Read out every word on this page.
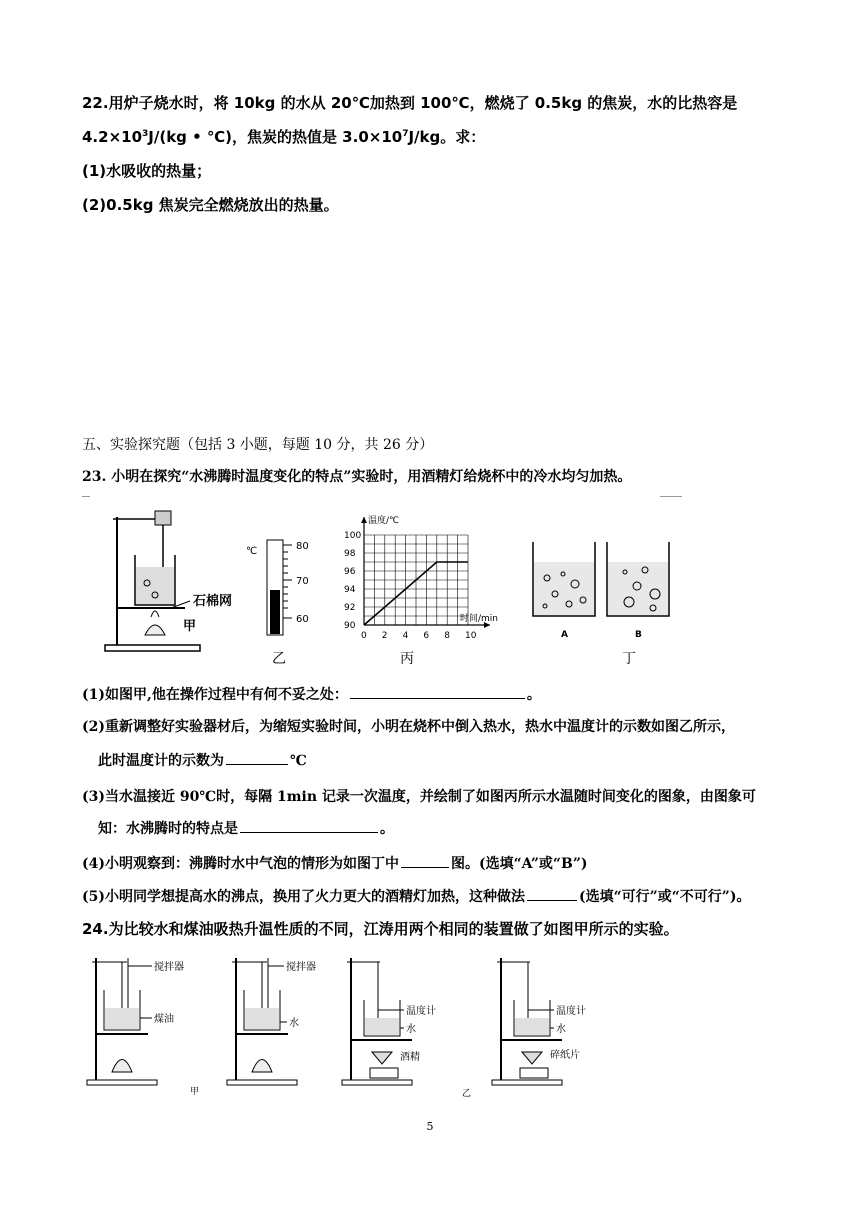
22.用炉子烧水时，将 10kg 的水从 20℃加热到 100℃，燃烧了 0.5kg 的焦炭，水的比热容是
$4.2\times 10^3J/(kg$ • ℃)，焦炭的热值是 $3.0\times 10^7J/kg$。求：
(1)水吸收的热量；
(2)0.5kg 焦炭完全燃烧放出的热量。
五、实验探究题（包括 3 小题，每题 10 分，共 26 分）
23. 小明在探究“水沸腾时温度变化的特点”实验时，用酒精灯给烧杯中的冷水均匀加热。
石棉网
甲
℃	80
70
60
乙
0 2 4 6 8 10
90
92
94
96
98
100
温度/℃
时间/min
丙
A	B
丁
(1)如图甲,他在操作过程中有何不妥之处：	。
(2)重新调整好实验器材后，为缩短实验时间，小明在烧杯中倒入热水，热水中温度计的示数如图乙所示，
此时温度计的示数为	℃
(3)当水温接近 90℃时，每隔 1min 记录一次温度，并绘制了如图丙所示水温随时间变化的图象，由图象可
知：水沸腾时的特点是	。
(4)小明观察到：沸腾时水中气泡的情形为如图丁中	图。(选填“A”或“B”)
(5)小明同学想提高水的沸点，换用了火力更大的酒精灯加热，这种做法	(选填“可行”或“不可行”)。
24.为比较水和煤油吸热升温性质的不同，江涛用两个相同的装置做了如图甲所示的实验。
搅拌器
煤油
甲
搅拌器
水
温度计
水
酒精
温度计
水
碎纸片
乙
5
